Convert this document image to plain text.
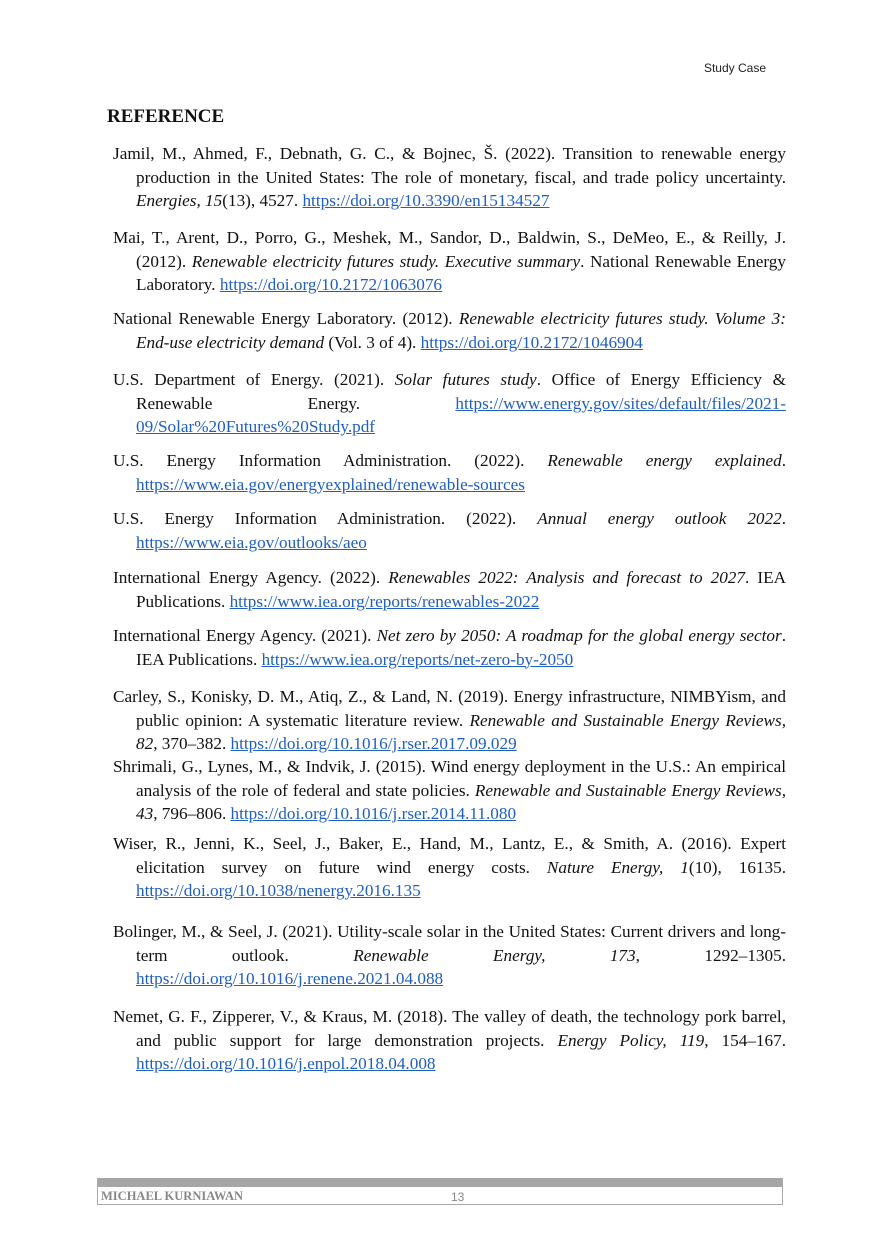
Study Case
REFERENCE
Jamil, M., Ahmed, F., Debnath, G. C., & Bojnec, Š. (2022). Transition to renewable energy production in the United States: The role of monetary, fiscal, and trade policy uncertainty. Energies, 15(13), 4527. https://doi.org/10.3390/en15134527
Mai, T., Arent, D., Porro, G., Meshek, M., Sandor, D., Baldwin, S., DeMeo, E., & Reilly, J. (2012). Renewable electricity futures study. Executive summary. National Renewable Energy Laboratory. https://doi.org/10.2172/1063076
National Renewable Energy Laboratory. (2012). Renewable electricity futures study. Volume 3: End-use electricity demand (Vol. 3 of 4). https://doi.org/10.2172/1046904
U.S. Department of Energy. (2021). Solar futures study. Office of Energy Efficiency & Renewable Energy. https://www.energy.gov/sites/default/files/2021-09/Solar%20Futures%20Study.pdf
U.S. Energy Information Administration. (2022). Renewable energy explained. https://www.eia.gov/energyexplained/renewable-sources
U.S. Energy Information Administration. (2022). Annual energy outlook 2022. https://www.eia.gov/outlooks/aeo
International Energy Agency. (2022). Renewables 2022: Analysis and forecast to 2027. IEA Publications. https://www.iea.org/reports/renewables-2022
International Energy Agency. (2021). Net zero by 2050: A roadmap for the global energy sector. IEA Publications. https://www.iea.org/reports/net-zero-by-2050
Carley, S., Konisky, D. M., Atiq, Z., & Land, N. (2019). Energy infrastructure, NIMBYism, and public opinion: A systematic literature review. Renewable and Sustainable Energy Reviews, 82, 370–382. https://doi.org/10.1016/j.rser.2017.09.029
Shrimali, G., Lynes, M., & Indvik, J. (2015). Wind energy deployment in the U.S.: An empirical analysis of the role of federal and state policies. Renewable and Sustainable Energy Reviews, 43, 796–806. https://doi.org/10.1016/j.rser.2014.11.080
Wiser, R., Jenni, K., Seel, J., Baker, E., Hand, M., Lantz, E., & Smith, A. (2016). Expert elicitation survey on future wind energy costs. Nature Energy, 1(10), 16135. https://doi.org/10.1038/nenergy.2016.135
Bolinger, M., & Seel, J. (2021). Utility-scale solar in the United States: Current drivers and long-term outlook. Renewable Energy, 173, 1292–1305. https://doi.org/10.1016/j.renene.2021.04.088
Nemet, G. F., Zipperer, V., & Kraus, M. (2018). The valley of death, the technology pork barrel, and public support for large demonstration projects. Energy Policy, 119, 154–167. https://doi.org/10.1016/j.enpol.2018.04.008
MICHAEL KURNIAWAN	13
